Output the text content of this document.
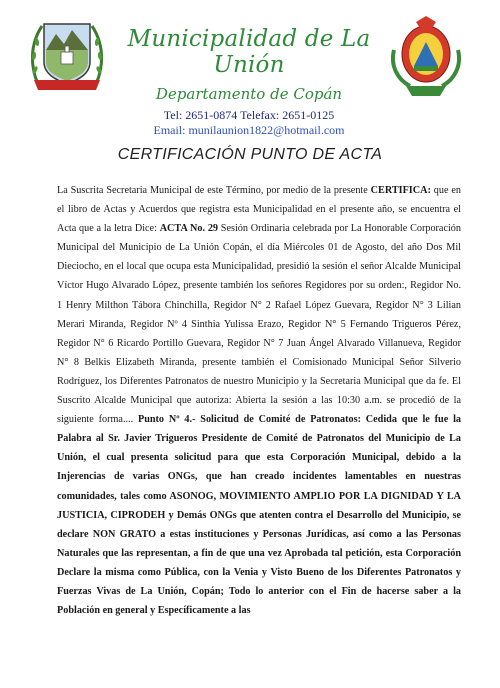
Municipalidad de La Unión
Departamento de Copán
Tel: 2651-0874 Telefax: 2651-0125
Email: munilaunion1822@hotmail.com
CERTIFICACIÓN PUNTO DE ACTA
La Suscrita Secretaria Municipal de este Término, por medio de la presente CERTIFICA: que en el libro de Actas y Acuerdos que registra esta Municipalidad en el presente año, se encuentra el Acta que a la letra Dice: ACTA No. 29 Sesión Ordinaria celebrada por La Honorable Corporación Municipal del Municipio de La Unión Copán, el día Miércoles 01 de Agosto, del año Dos Mil Dieciocho, en el local que ocupa esta Municipalidad, presidió la sesión el señor Alcalde Municipal Víctor Hugo Alvarado López, presente también los señores Regidores por su orden:, Regidor No. 1 Henry Milthon Tábora Chinchilla, Regidor N° 2 Rafael López Guevara, Regidor N° 3 Lilian Merari Miranda, Regidor Nº 4 Sinthia Yulissa Erazo, Regidor N° 5 Fernando Trigueros Pérez, Regidor N° 6 Ricardo Portillo Guevara, Regidor N° 7 Juan Ángel Alvarado Villanueva, Regidor N° 8 Belkis Elizabeth Miranda, presente también el Comisionado Municipal Señor Silverio Rodríguez, los Diferentes Patronatos de nuestro Municipio y la Secretaria Municipal que da fe. El Suscrito Alcalde Municipal que autoriza: Abierta la sesión a las 10:30 a.m. se procedió de la siguiente forma.... Punto Nº 4.- Solicitud de Comité de Patronatos: Cedida que le fue la Palabra al Sr. Javier Trigueros Presidente de Comité de Patronatos del Municipio de La Unión, el cual presenta solicitud para que esta Corporación Municipal, debido a la Injerencias de varias ONGs, que han creado incidentes lamentables en nuestras comunidades, tales como ASONOG, MOVIMIENTO AMPLIO POR LA DIGNIDAD Y LA JUSTICIA, CIPRODEH y Demás ONGs que atenten contra el Desarrollo del Municipio, se declare NON GRATO a estas instituciones y Personas Jurídicas, así como a las Personas Naturales que las representan, a fin de que una vez Aprobada tal petición, esta Corporación Declare la misma como Pública, con la Venia y Visto Bueno de los Diferentes Patronatos y Fuerzas Vivas de La Unión, Copán; Todo lo anterior con el Fin de hacerse saber a la Población en general y Específicamente a las
